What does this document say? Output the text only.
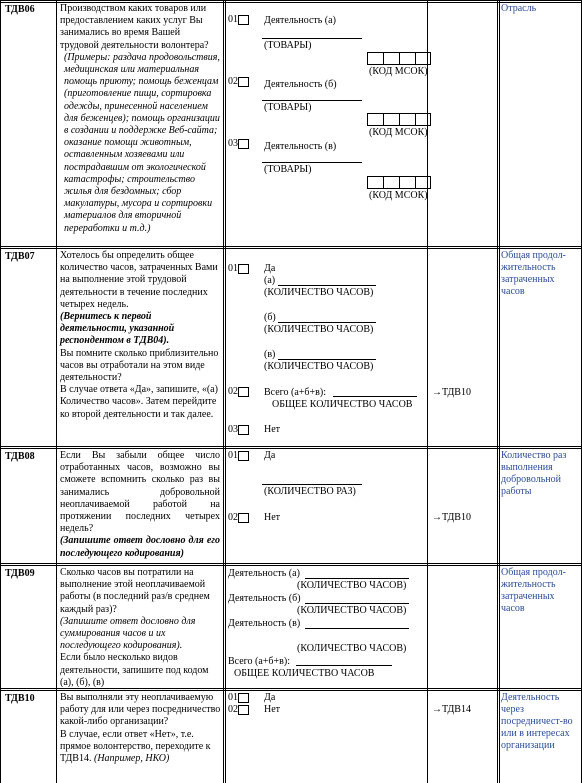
ТДВ06	Производством каких товаров или предоставлением каких услуг Вы занимались во время Вашей трудовой деятельности волонтера?
(Примеры: раздача продовольствия, медицинская или материальная помощь приюту; помощь беженцам (приготовление пищи, сортировка одежды, принесенной населением для беженцев); помощь организации в создании и поддержке Веб-сайта; оказание помощи животным, оставленным хозяевами или пострадавшим от экологической катастрофы; строительство жилья для бездомных; сбор макулатуры, мусора и сортировки материалов для вторичной переработки и т.д.)
01	Деятельность (а)
(ТОВАРЫ)
(КОД МСОК)
02	Деятельность (б)
(ТОВАРЫ)
(КОД МСОК)
03	Деятельность (в)
(ТОВАРЫ)
(КОД МСОК)
Отрасль
ТДВ07	Хотелось бы определить общее количество часов, затраченных Вами на выполнение этой трудовой деятельности в течение последних четырех недель.
(Вернитесь к первой деятельности, указанной респондентом в ТДВ04).
Вы помните сколько приблизительно часов вы отработали на этом виде деятельности?
В случае ответа «Да», запишите, «(а) Количество часов». Затем перейдите ко второй деятельности и так далее.
01	Да
(а)
(КОЛИЧЕСТВО ЧАСОВ)
(б)
(КОЛИЧЕСТВО ЧАСОВ)
(в)
(КОЛИЧЕСТВО ЧАСОВ)
02	Всего (а+б+в):
ОБЩЕЕ КОЛИЧЕСТВО ЧАСОВ
→ТДВ10
03	Нет
Общая продол-жительность затраченных часов
ТДВ08	Если Вы забыли общее число отработанных часов, возможно вы сможете вспомнить сколько раз вы занимались добровольной неоплачиваемой работой на протяжении последних четырех недель?
(Запишите ответ дословно для его последующего кодирования)
01	Да
(КОЛИЧЕСТВО РАЗ)
02	Нет	→ТДВ10
Количество раз выполнения добровольной работы
ТДВ09	Сколько часов вы потратили на выполнение этой неоплачиваемой работы (в последний раз/в среднем каждый раз)?
(Запишите ответ дословно для суммирования часов и их последующего кодирования).
Если было несколько видов деятельности, запишите под кодом (а), (б), (в)
Деятельность (а)
(КОЛИЧЕСТВО ЧАСОВ)
Деятельность (б)
(КОЛИЧЕСТВО ЧАСОВ)
Деятельность (в)
(КОЛИЧЕСТВО ЧАСОВ)
Всего (а+б+в):
ОБЩЕЕ КОЛИЧЕСТВО ЧАСОВ
Общая продол-жительность затраченных часов
ТДВ10	Вы выполняли эту неоплачиваемую работу для или через посредничество какой-либо организации?
В случае, если ответ «Нет», т.е. прямое волонтерство, переходите к ТДВ14. (Например, НКО)
01	Да
02	Нет	→ТДВ14
Деятельность через посредничест-во или в интересах организации
